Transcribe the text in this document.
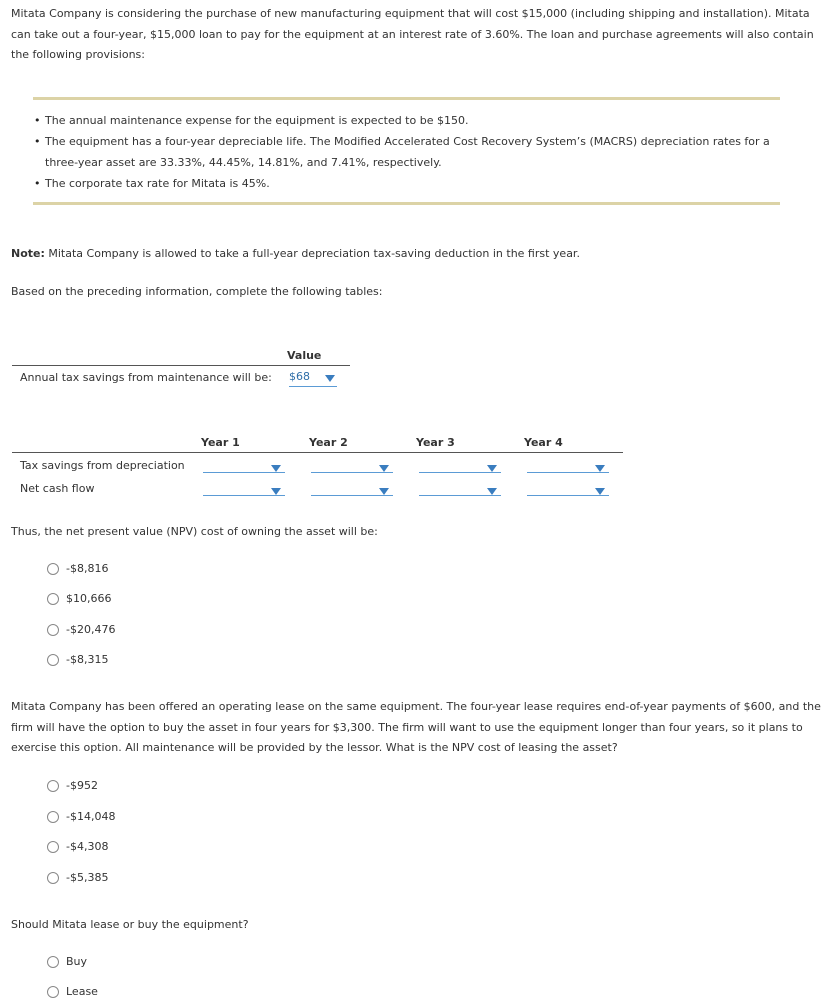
Mitata Company is considering the purchase of new manufacturing equipment that will cost $15,000 (including shipping and installation). Mitata can take out a four-year, $15,000 loan to pay for the equipment at an interest rate of 3.60%. The loan and purchase agreements will also contain the following provisions:

• The annual maintenance expense for the equipment is expected to be $150.
• The equipment has a four-year depreciable life. The Modified Accelerated Cost Recovery System’s (MACRS) depreciation rates for a three-year asset are 33.33%, 44.45%, 14.81%, and 7.41%, respectively.
• The corporate tax rate for Mitata is 45%.

Note: Mitata Company is allowed to take a full-year depreciation tax-saving deduction in the first year.

Based on the preceding information, complete the following tables:

Value
Annual tax savings from maintenance will be: $68
Year 1	Year 2	Year 3	Year 4
Tax savings from depreciation
Net cash flow
Thus, the net present value (NPV) cost of owning the asset will be:
-$8,816
$10,666
-$20,476
-$8,315

Mitata Company has been offered an operating lease on the same equipment. The four-year lease requires end-of-year payments of $600, and the firm will have the option to buy the asset in four years for $3,300. The firm will want to use the equipment longer than four years, so it plans to exercise this option. All maintenance will be provided by the lessor. What is the NPV cost of leasing the asset?

-$952
-$14,048
-$4,308
-$5,385
Should Mitata lease or buy the equipment?
Buy
Lease
